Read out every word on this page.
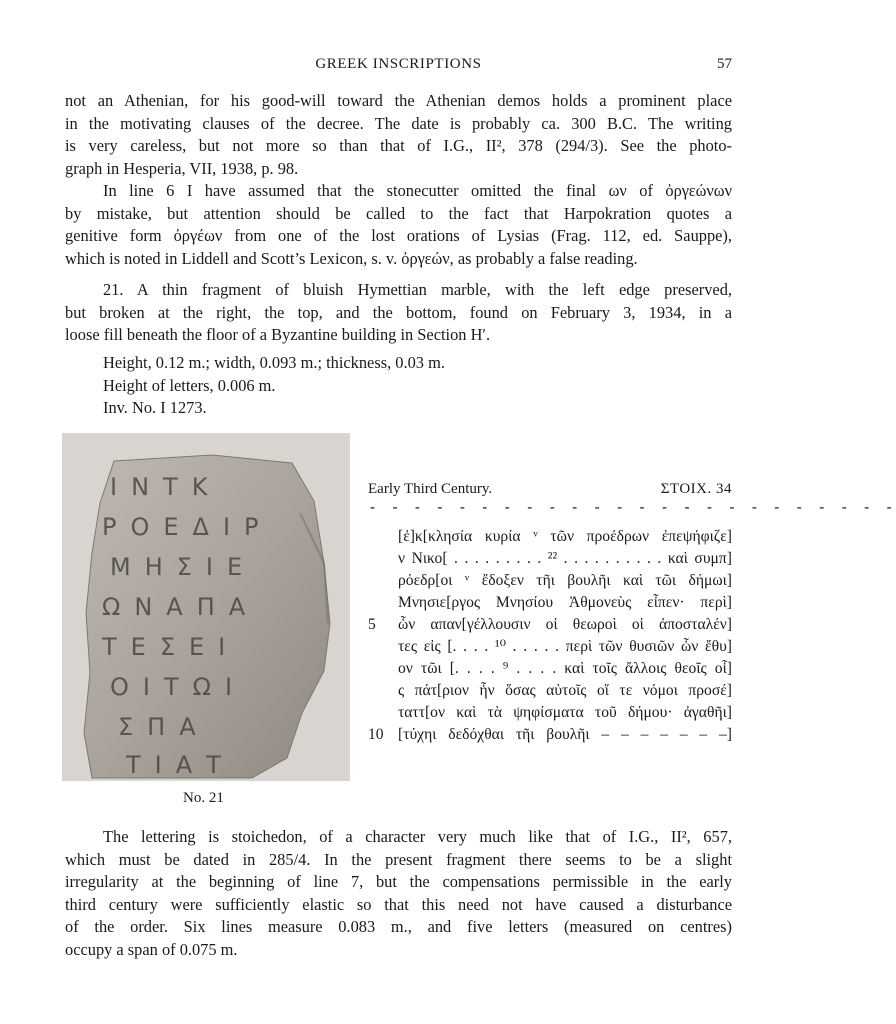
GREEK INSCRIPTIONS	57
not an Athenian, for his good-will toward the Athenian demos holds a prominent place
in the motivating clauses of the decree. The date is probably ca. 300 B.C. The writing
is very careless, but not more so than that of I.G., II², 378 (294/3). See the photo-
graph in Hesperia, VII, 1938, p. 98.
In line 6 I have assumed that the stonecutter omitted the final ων of ὀργεώνων
by mistake, but attention should be called to the fact that Harpokration quotes a
genitive form ὀργέων from one of the lost orations of Lysias (Frag. 112, ed. Sauppe),
which is noted in Liddell and Scott’s Lexicon, s. v. ὀργεών, as probably a false reading.
21. A thin fragment of bluish Hymettian marble, with the left edge preserved,
but broken at the right, the top, and the bottom, found on February 3, 1934, in a
loose fill beneath the floor of a Byzantine building in Section Η′.
Height, 0.12 m.; width, 0.093 m.; thickness, 0.03 m.
Height of letters, 0.006 m.
Inv. No. I 1273.
ΙΝΤΚ
ΡΟΕΔΙΡ
ΜΗΣΙΕ
ΩΝΑΠΑ
ΤΕΣΕΙ
ΟΙΤΩΙ
ΣΠΑ
ΤΙΑΤ
No. 21
Early Third Century.	ΣΤΟΙΧ. 34
- - - - - - - - - - - - - - - - - - - - - - - -
[ἐ]κ[κλησία κυρία ᵛ τῶν προέδρων ἐπεψήφιζε]
ν Νικο[ . . . . . . . . . ²² . . . . . . . . . . καὶ συμπ]
ρόεδρ[οι ᵛ ἔδοξεν τῆι βουλῆι καὶ τῶι δήμωι]
Μνησιε[ργος Μνησίου Ἀθμονεὺς εἶπεν· περὶ]
5	ὧν απαν[γέλλουσιν οἱ θεωροὶ οἱ ἀποσταλέν]
τες εἰς [. . . . ¹⁰ . . . . . περὶ τῶν θυσιῶν ὧν ἔθυ]
ον τῶι [. . . . ⁹ . . . . καὶ τοῖς ἄλλοις θεοῖς οἷ]
ς πάτ[ριον ἦν ὅσας αὐτοῖς οἵ τε νόμοι προσέ]
ταττ[ον καὶ τὰ ψηφίσματα τοῦ δήμου· ἀγαθῆι]
10 [τύχηι δεδόχθαι τῆι βουλῆι – – – – – – –]
The lettering is stoichedon, of a character very much like that of I.G., II², 657,
which must be dated in 285/4. In the present fragment there seems to be a slight
irregularity at the beginning of line 7, but the compensations permissible in the early
third century were sufficiently elastic so that this need not have caused a disturbance
of the order. Six lines measure 0.083 m., and five letters (measured on centres)
occupy a span of 0.075 m.
